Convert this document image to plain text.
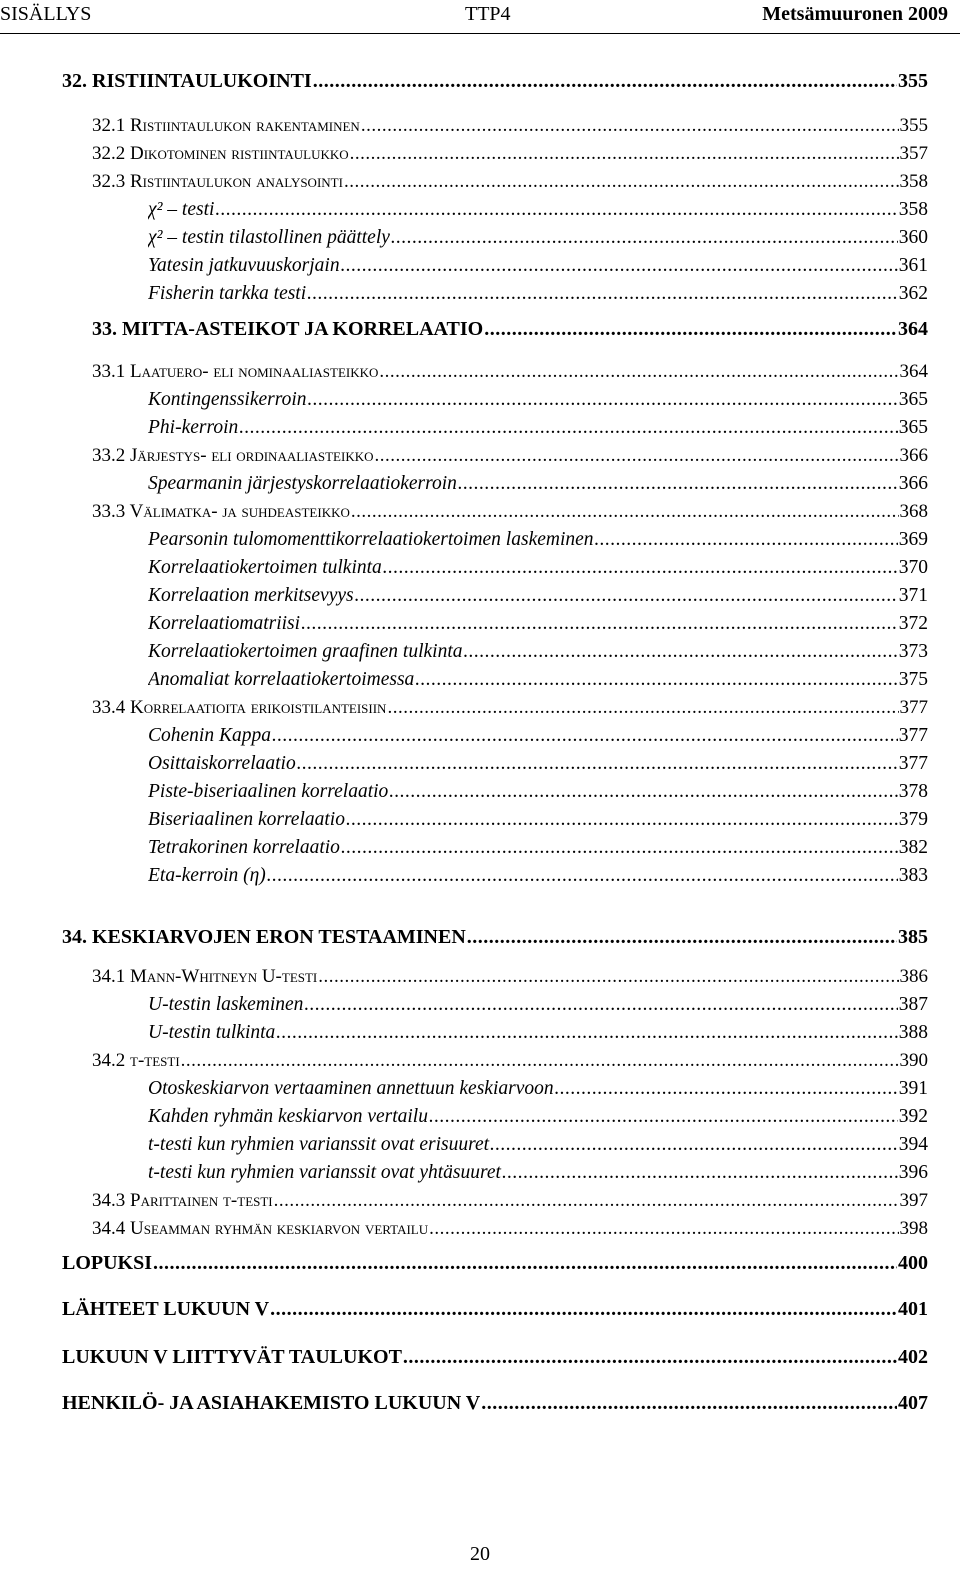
SISÄLLYS	TTP4	Metsämuuronen 2009
32. RISTIINTAULUKOINTI .....	355
32.1 Ristiintaulukon rakentaminen .....	355
32.2 Dikotominen ristiintaulukko .....	357
32.3 Ristiintaulukon analysointi .....	358
χ² – testi .....	358
χ² – testin tilastollinen päättely .....	360
Yatesin jatkuvuuskorjain .....	361
Fisherin tarkka testi .....	362
33. MITTA-ASTEIKOT JA KORRELAATIO .....	364
33.1 Laatuero- eli nominaaliasteikko .....	364
Kontingenssikerroin .....	365
Phi-kerroin .....	365
33.2 Järjestys- eli ordinaaliasteikko .....	366
Spearmanin järjestyskorrelaatiokerroin .....	366
33.3 Välimatka- ja suhdeasteikko .....	368
Pearsonin tulomomenttikorrelaatiokertoimen laskeminen .....	369
Korrelaatiokertoimen tulkinta .....	370
Korrelaation merkitsevyys .....	371
Korrelaatiomatriisi .....	372
Korrelaatiokertoimen graafinen tulkinta .....	373
Anomaliat korrelaatiokertoimessa .....	375
33.4 Korrelaatioita erikoistilanteisiin .....	377
Cohenin Kappa .....	377
Osittaiskorrelaatio .....	377
Piste-biseriaalinen korrelaatio .....	378
Biseriaalinen korrelaatio .....	379
Tetrakorinen korrelaatio .....	382
Eta-kerroin (η) .....	383
34. KESKIARVOJEN ERON TESTAAMINEN .....	385
34.1 Mann-Whitneyn U-testi .....	386
U-testin laskeminen .....	387
U-testin tulkinta .....	388
34.2 t-testi .....	390
Otoskeskiarvon vertaaminen annettuun keskiarvoon .....	391
Kahden ryhmän keskiarvon vertailu .....	392
t-testi kun ryhmien varianssit ovat erisuuret .....	394
t-testi kun ryhmien varianssit ovat yhtäsuuret .....	396
34.3 Parittainen t-testi .....	397
34.4 Useamman ryhmän keskiarvon vertailu .....	398
LOPUKSI .....	400
LÄHTEET LUKUUN V .....	401
LUKUUN V LIITTYVÄT TAULUKOT .....	402
HENKILÖ- JA ASIAHAKEMISTO LUKUUN V .....	407
20
